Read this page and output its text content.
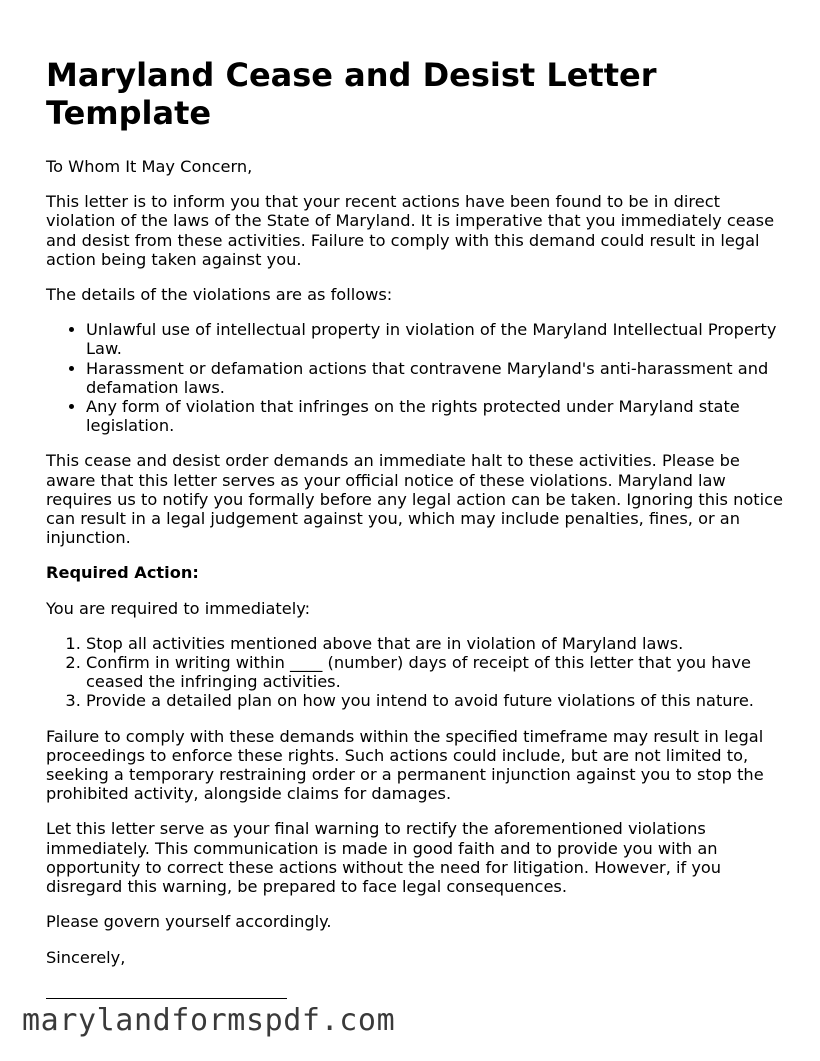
Maryland Cease and Desist Letter Template

To Whom It May Concern,

This letter is to inform you that your recent actions have been found to be in direct violation of the laws of the State of Maryland. It is imperative that you immediately cease and desist from these activities. Failure to comply with this demand could result in legal action being taken against you.

The details of the violations are as follows:

• Unlawful use of intellectual property in violation of the Maryland Intellectual Property Law.
• Harassment or defamation actions that contravene Maryland's anti-harassment and defamation laws.
• Any form of violation that infringes on the rights protected under Maryland state legislation.

This cease and desist order demands an immediate halt to these activities. Please be aware that this letter serves as your official notice of these violations. Maryland law requires us to notify you formally before any legal action can be taken. Ignoring this notice can result in a legal judgement against you, which may include penalties, fines, or an injunction.

Required Action:

You are required to immediately:

1. Stop all activities mentioned above that are in violation of Maryland laws.
2. Confirm in writing within ____ (number) days of receipt of this letter that you have ceased the infringing activities.
3. Provide a detailed plan on how you intend to avoid future violations of this nature.

Failure to comply with these demands within the specified timeframe may result in legal proceedings to enforce these rights. Such actions could include, but are not limited to, seeking a temporary restraining order or a permanent injunction against you to stop the prohibited activity, alongside claims for damages.

Let this letter serve as your final warning to rectify the aforementioned violations immediately. This communication is made in good faith and to provide you with an opportunity to correct these actions without the need for litigation. However, if you disregard this warning, be prepared to face legal consequences.

Please govern yourself accordingly.

Sincerely,

marylandformspdf.com
